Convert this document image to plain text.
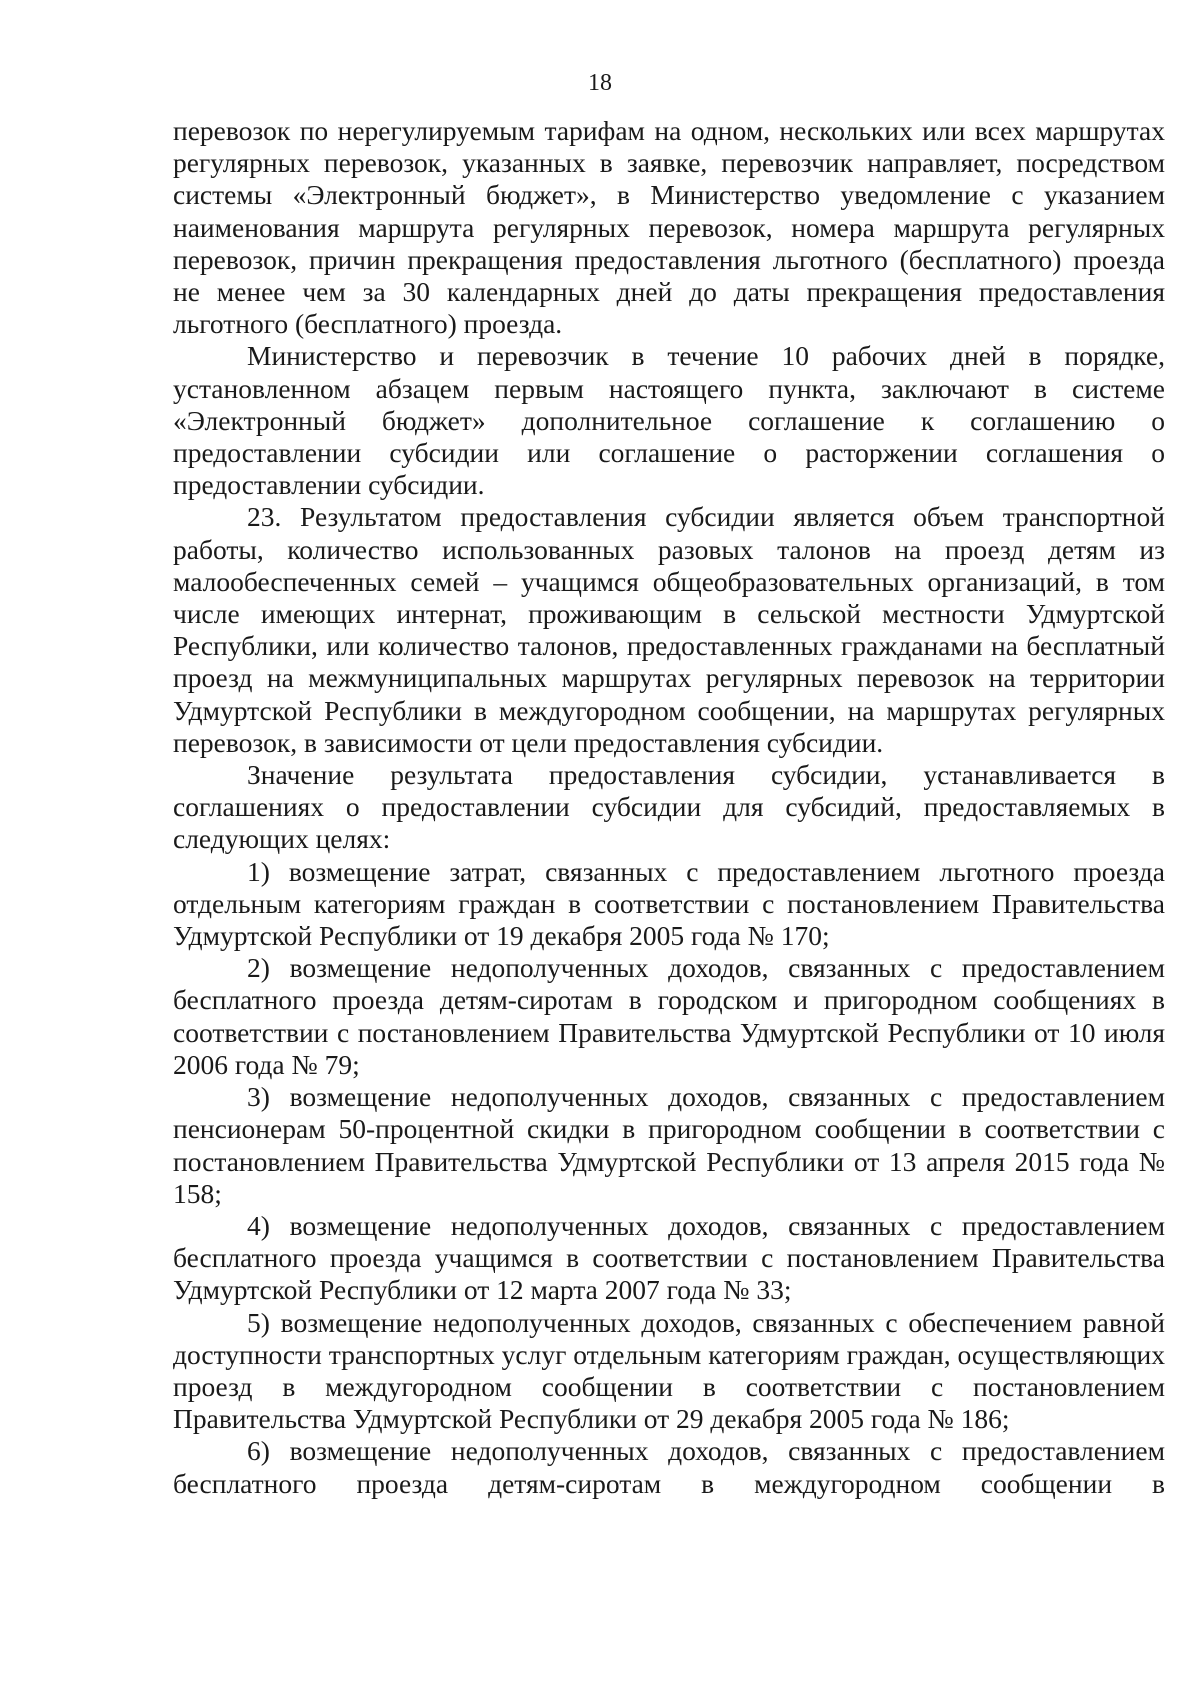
18

перевозок по нерегулируемым тарифам на одном, нескольких или всех маршрутах регулярных перевозок, указанных в заявке, перевозчик направляет, посредством системы «Электронный бюджет», в Министерство уведомление с указанием наименования маршрута регулярных перевозок, номера маршрута регулярных перевозок, причин прекращения предоставления льготного (бесплатного) проезда не менее чем за 30 календарных дней до даты прекращения предоставления льготного (бесплатного) проезда.

Министерство и перевозчик в течение 10 рабочих дней в порядке, установленном абзацем первым настоящего пункта, заключают в системе «Электронный бюджет» дополнительное соглашение к соглашению о предоставлении субсидии или соглашение о расторжении соглашения о предоставлении субсидии.

23. Результатом предоставления субсидии является объем транспортной работы, количество использованных разовых талонов на проезд детям из малообеспеченных семей – учащимся общеобразовательных организаций, в том числе имеющих интернат, проживающим в сельской местности Удмуртской Республики, или количество талонов, предоставленных гражданами на бесплатный проезд на межмуниципальных маршрутах регулярных перевозок на территории Удмуртской Республики в междугородном сообщении, на маршрутах регулярных перевозок, в зависимости от цели предоставления субсидии.

Значение результата предоставления субсидии, устанавливается в соглашениях о предоставлении субсидии для субсидий, предоставляемых в следующих целях:

1) возмещение затрат, связанных с предоставлением льготного проезда отдельным категориям граждан в соответствии с постановлением Правительства Удмуртской Республики от 19 декабря 2005 года № 170;

2) возмещение недополученных доходов, связанных с предоставлением бесплатного проезда детям-сиротам в городском и пригородном сообщениях в соответствии с постановлением Правительства Удмуртской Республики от 10 июля 2006 года № 79;

3) возмещение недополученных доходов, связанных с предоставлением пенсионерам 50-процентной скидки в пригородном сообщении в соответствии с постановлением Правительства Удмуртской Республики от 13 апреля 2015 года № 158;

4) возмещение недополученных доходов, связанных с предоставлением бесплатного проезда учащимся в соответствии с постановлением Правительства Удмуртской Республики от 12 марта 2007 года № 33;

5) возмещение недополученных доходов, связанных с обеспечением равной доступности транспортных услуг отдельным категориям граждан, осуществляющих проезд в междугородном сообщении в соответствии с постановлением Правительства Удмуртской Республики от 29 декабря 2005 года № 186;

6) возмещение недополученных доходов, связанных с предоставлением бесплатного проезда детям-сиротам в междугородном сообщении в
